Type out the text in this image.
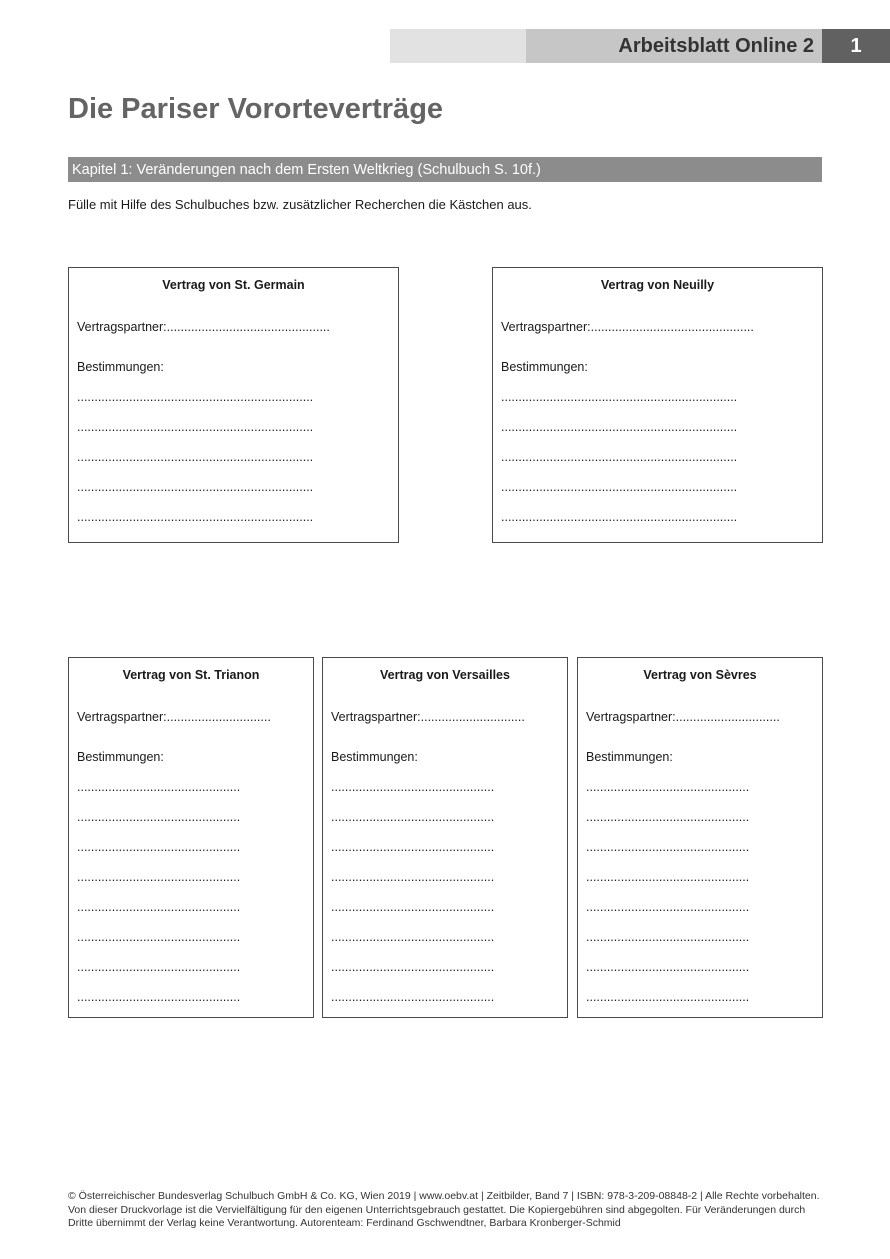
Arbeitsblatt Online 2 1
Die Pariser Vororteverträge
Kapitel 1: Veränderungen nach dem Ersten Weltkrieg (Schulbuch S. 10f.)
Fülle mit Hilfe des Schulbuches bzw. zusätzlicher Recherchen die Kästchen aus.
Vertrag von St. Germain
Vertragspartner:...............................................
Bestimmungen:
....................................................................
....................................................................
....................................................................
....................................................................
....................................................................
Vertrag von Neuilly
Vertragspartner:...............................................
Bestimmungen:
....................................................................
....................................................................
....................................................................
....................................................................
....................................................................
Vertrag von St. Trianon
Vertragspartner:..............................
Bestimmungen:
...............................................
...............................................
...............................................
...............................................
...............................................
...............................................
...............................................
...............................................
Vertrag von Versailles
Vertragspartner:..............................
Bestimmungen:
...............................................
...............................................
...............................................
...............................................
...............................................
...............................................
...............................................
...............................................
Vertrag von Sèvres
Vertragspartner:..............................
Bestimmungen:
...............................................
...............................................
...............................................
...............................................
...............................................
...............................................
...............................................
...............................................

© Österreichischer Bundesverlag Schulbuch GmbH & Co. KG, Wien 2019 | www.oebv.at | Zeitbilder, Band 7 | ISBN: 978-3-209-08848-2 | Alle Rechte vorbehalten. Von dieser Druckvorlage ist die Vervielfältigung für den eigenen Unterrichtsgebrauch gestattet. Die Kopiergebühren sind abgegolten. Für Veränderungen durch Dritte übernimmt der Verlag keine Verantwortung. Autorenteam: Ferdinand Gschwendtner, Barbara Kronberger-Schmid
